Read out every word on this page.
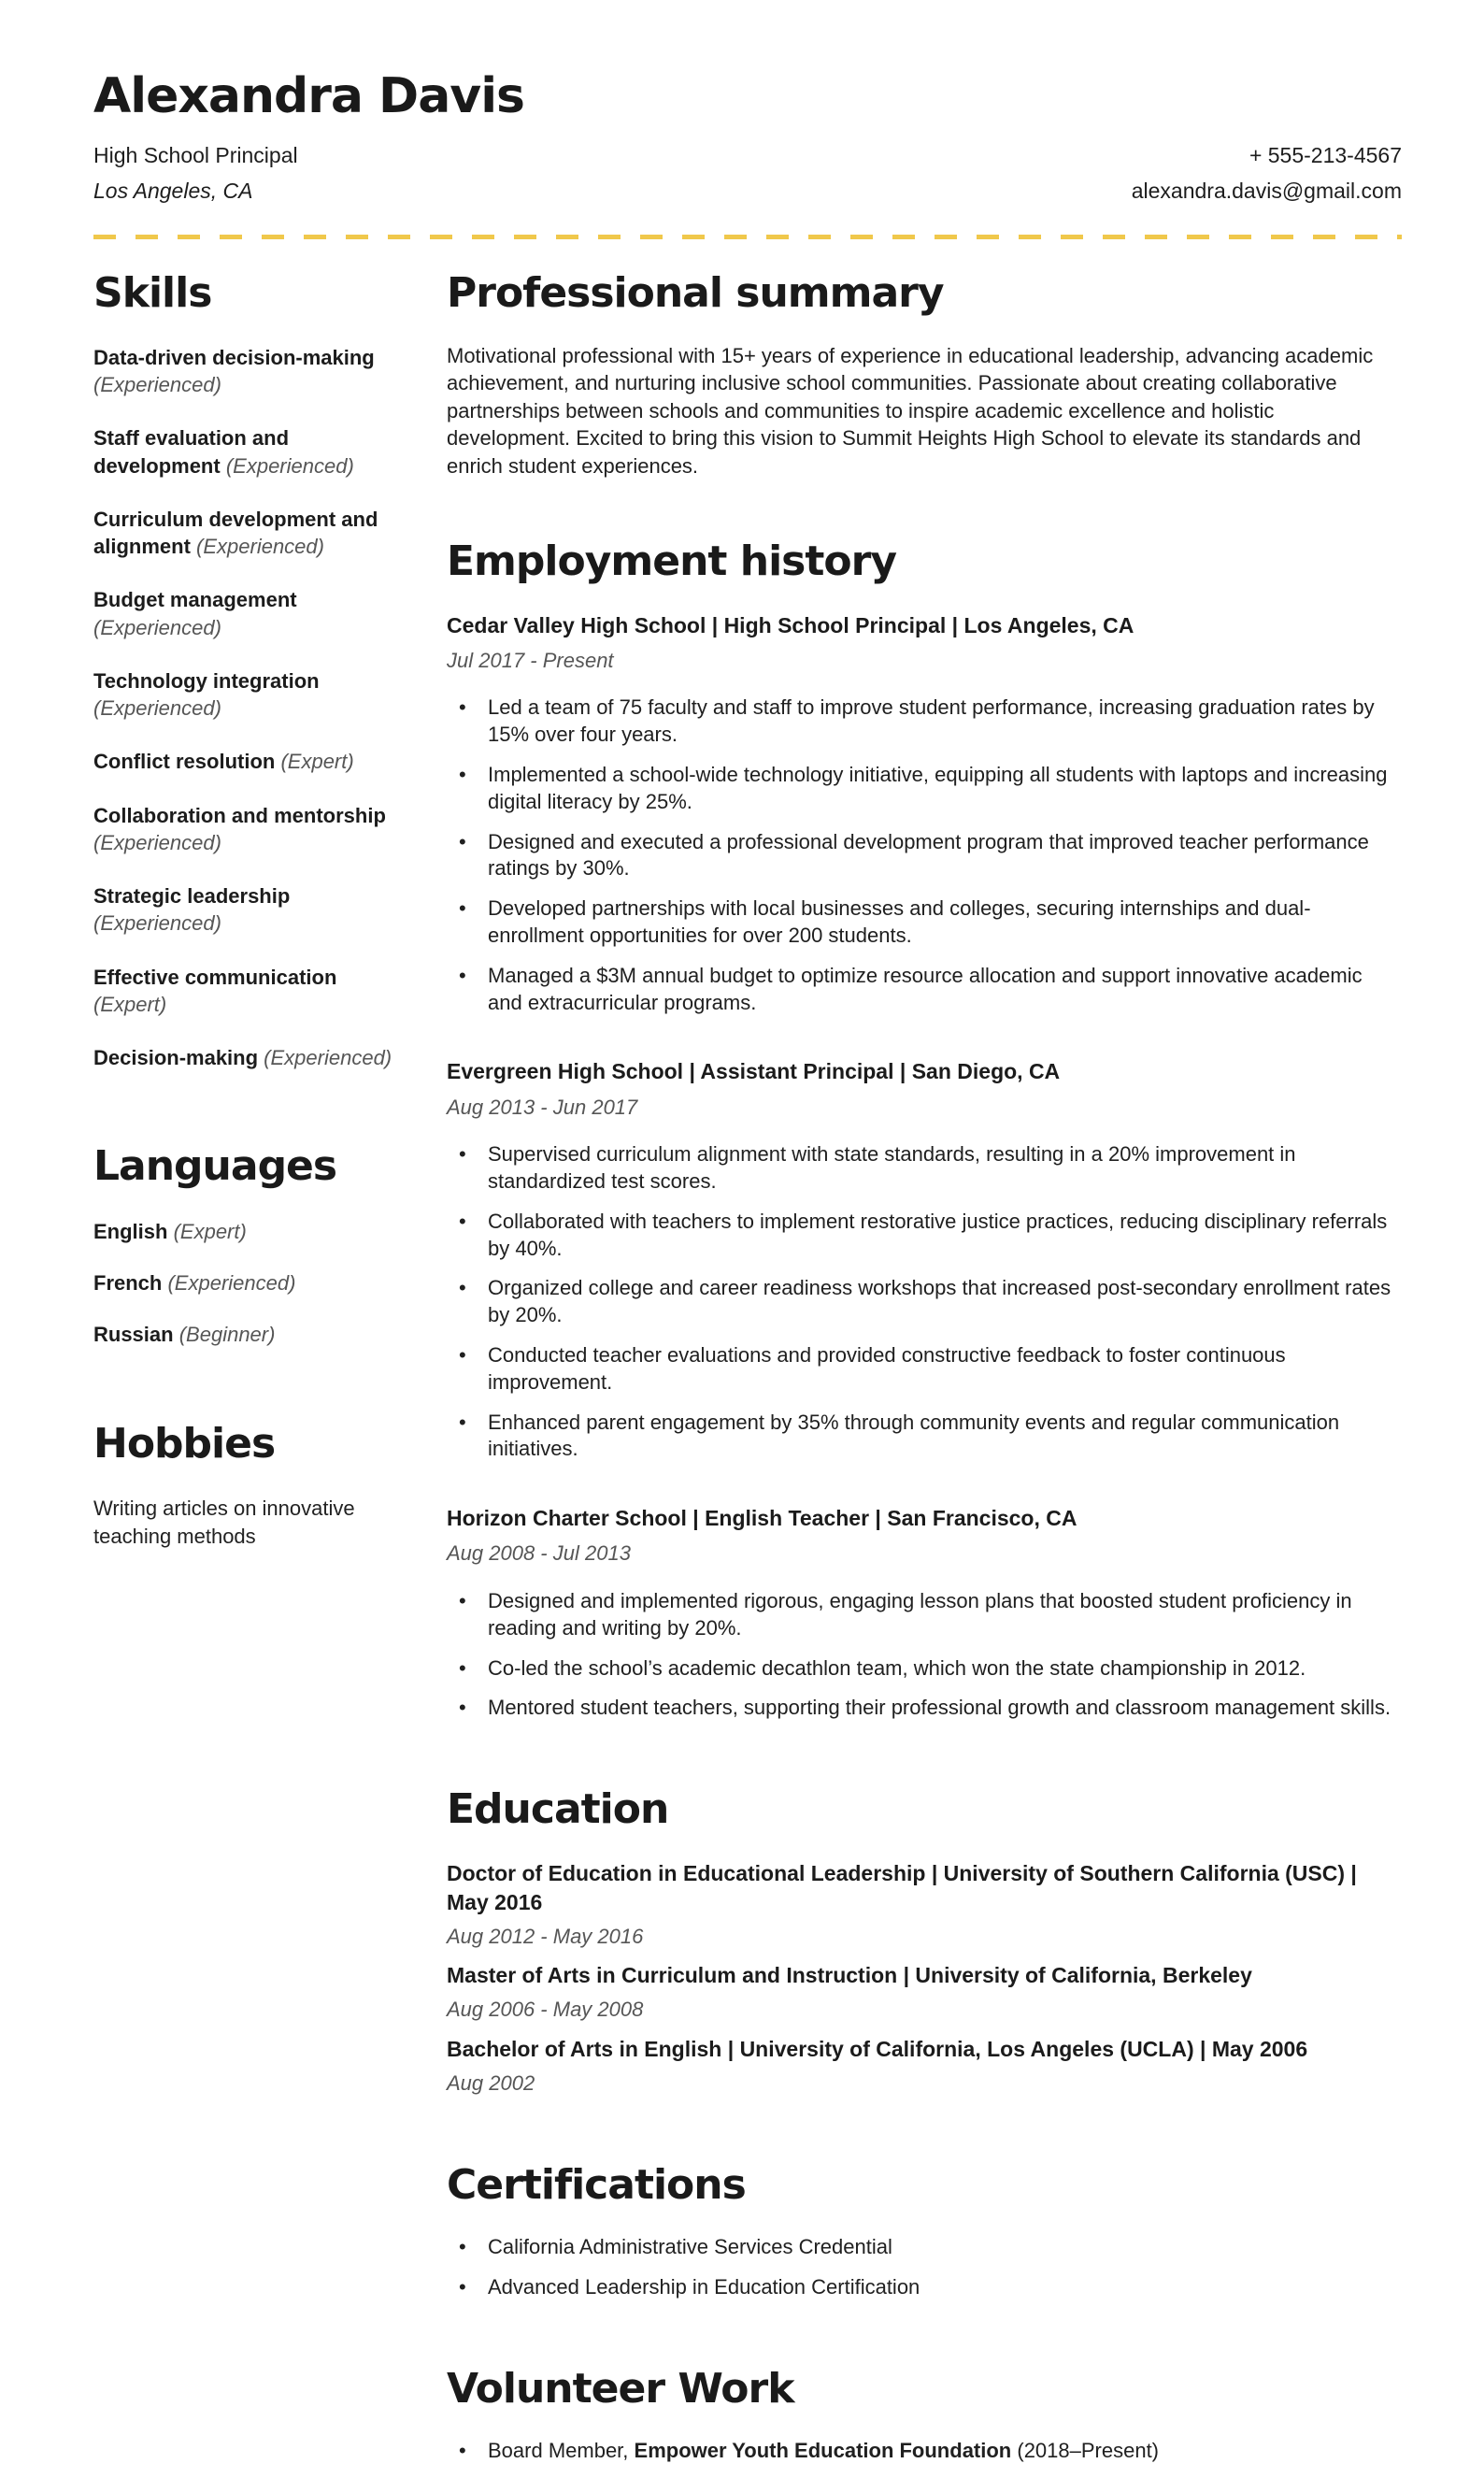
Alexandra Davis
High School Principal
Los Angeles, CA
+ 555-213-4567
alexandra.davis@gmail.com
Skills
Data-driven decision-making (Experienced)
Staff evaluation and development (Experienced)
Curriculum development and alignment (Experienced)
Budget management (Experienced)
Technology integration (Experienced)
Conflict resolution (Expert)
Collaboration and mentorship (Experienced)
Strategic leadership (Experienced)
Effective communication (Expert)
Decision-making (Experienced)
Languages
English (Expert)
French (Experienced)
Russian (Beginner)
Hobbies

Writing articles on innovative teaching methods

Professional summary

Motivational professional with 15+ years of experience in educational leadership, advancing academic achievement, and nurturing inclusive school communities. Passionate about creating collaborative partnerships between schools and communities to inspire academic excellence and holistic development. Excited to bring this vision to Summit Heights High School to elevate its standards and enrich student experiences.

Employment history
Cedar Valley High School | High School Principal | Los Angeles, CA
Jul 2017 - Present
• Led a team of 75 faculty and staff to improve student performance, increasing graduation rates by 15% over four years.
• Implemented a school-wide technology initiative, equipping all students with laptops and increasing digital literacy by 25%.
• Designed and executed a professional development program that improved teacher performance ratings by 30%.
• Developed partnerships with local businesses and colleges, securing internships and dual-enrollment opportunities for over 200 students.
• Managed a $3M annual budget to optimize resource allocation and support innovative academic and extracurricular programs.
Evergreen High School | Assistant Principal | San Diego, CA
Aug 2013 - Jun 2017
• Supervised curriculum alignment with state standards, resulting in a 20% improvement in standardized test scores.
• Collaborated with teachers to implement restorative justice practices, reducing disciplinary referrals by 40%.
• Organized college and career readiness workshops that increased post-secondary enrollment rates by 20%.
• Conducted teacher evaluations and provided constructive feedback to foster continuous improvement.
• Enhanced parent engagement by 35% through community events and regular communication initiatives.
Horizon Charter School | English Teacher | San Francisco, CA
Aug 2008 - Jul 2013
• Designed and implemented rigorous, engaging lesson plans that boosted student proficiency in reading and writing by 20%.
• Co-led the school’s academic decathlon team, which won the state championship in 2012.
• Mentored student teachers, supporting their professional growth and classroom management skills.
Education
Doctor of Education in Educational Leadership | University of Southern California (USC) | May 2016
Aug 2012 - May 2016
Master of Arts in Curriculum and Instruction | University of California, Berkeley
Aug 2006 - May 2008
Bachelor of Arts in English | University of California, Los Angeles (UCLA) | May 2006
Aug 2002
Certifications
• California Administrative Services Credential
• Advanced Leadership in Education Certification
Volunteer Work
• Board Member, Empower Youth Education Foundation (2018–Present)
